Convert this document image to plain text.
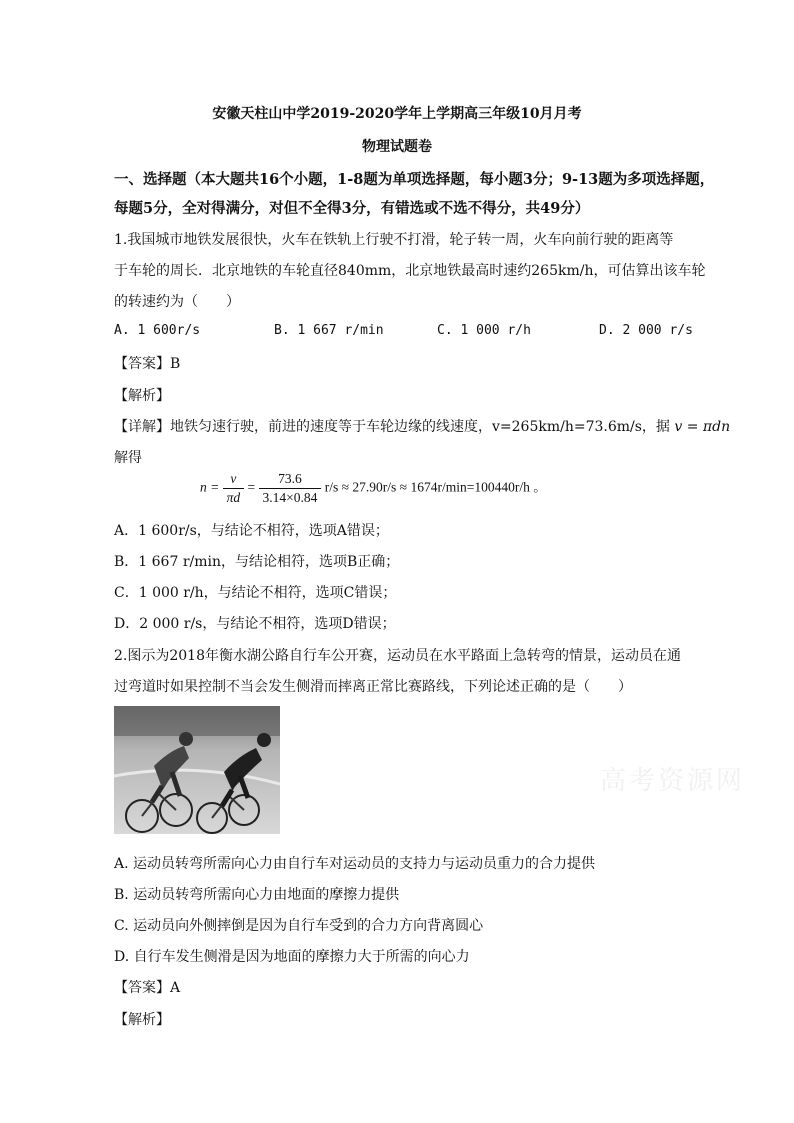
安徽天柱山中学2019-2020学年上学期高三年级10月月考
物理试题卷
一、选择题（本大题共16个小题，1-8题为单项选择题，每小题3分；9-13题为多项选择题，
每题5分，全对得满分，对但不全得3分，有错选或不选不得分，共49分）
1.我国城市地铁发展很快，火车在铁轨上行驶不打滑，轮子转一周，火车向前行驶的距离等
于车轮的周长．北京地铁的车轮直径840mm，北京地铁最高时速约265km/h，可估算出该车轮
的转速约为（　　）
A. 1 600r/s	B. 1 667 r/min	C. 1 000 r/h	D. 2 000 r/s
【答案】B
【解析】
【详解】地铁匀速行驶，前进的速度等于车轮边缘的线速度，v=265km/h=73.6m/s，据 v = πdn
解得
$n = \frac{v}{\pi d} = \frac{73.6}{3.14\times 0.84} r/s \approx 27.90r/s \approx 1674r/\min=100440r/h$ 。
A．1 600r/s，与结论不相符，选项A错误；
B．1 667 r/min，与结论相符，选项B正确；
C．1 000 r/h，与结论不相符，选项C错误；
D．2 000 r/s，与结论不相符，选项D错误；
2.图示为2018年衡水湖公路自行车公开赛，运动员在水平路面上急转弯的情景，运动员在通
过弯道时如果控制不当会发生侧滑而摔离正常比赛路线，下列论述正确的是（　　）
高考资源网
A. 运动员转弯所需向心力由自行车对运动员的支持力与运动员重力的合力提供
B. 运动员转弯所需向心力由地面的摩擦力提供
C. 运动员向外侧摔倒是因为自行车受到的合力方向背离圆心
D. 自行车发生侧滑是因为地面的摩擦力大于所需的向心力
【答案】A
【解析】
